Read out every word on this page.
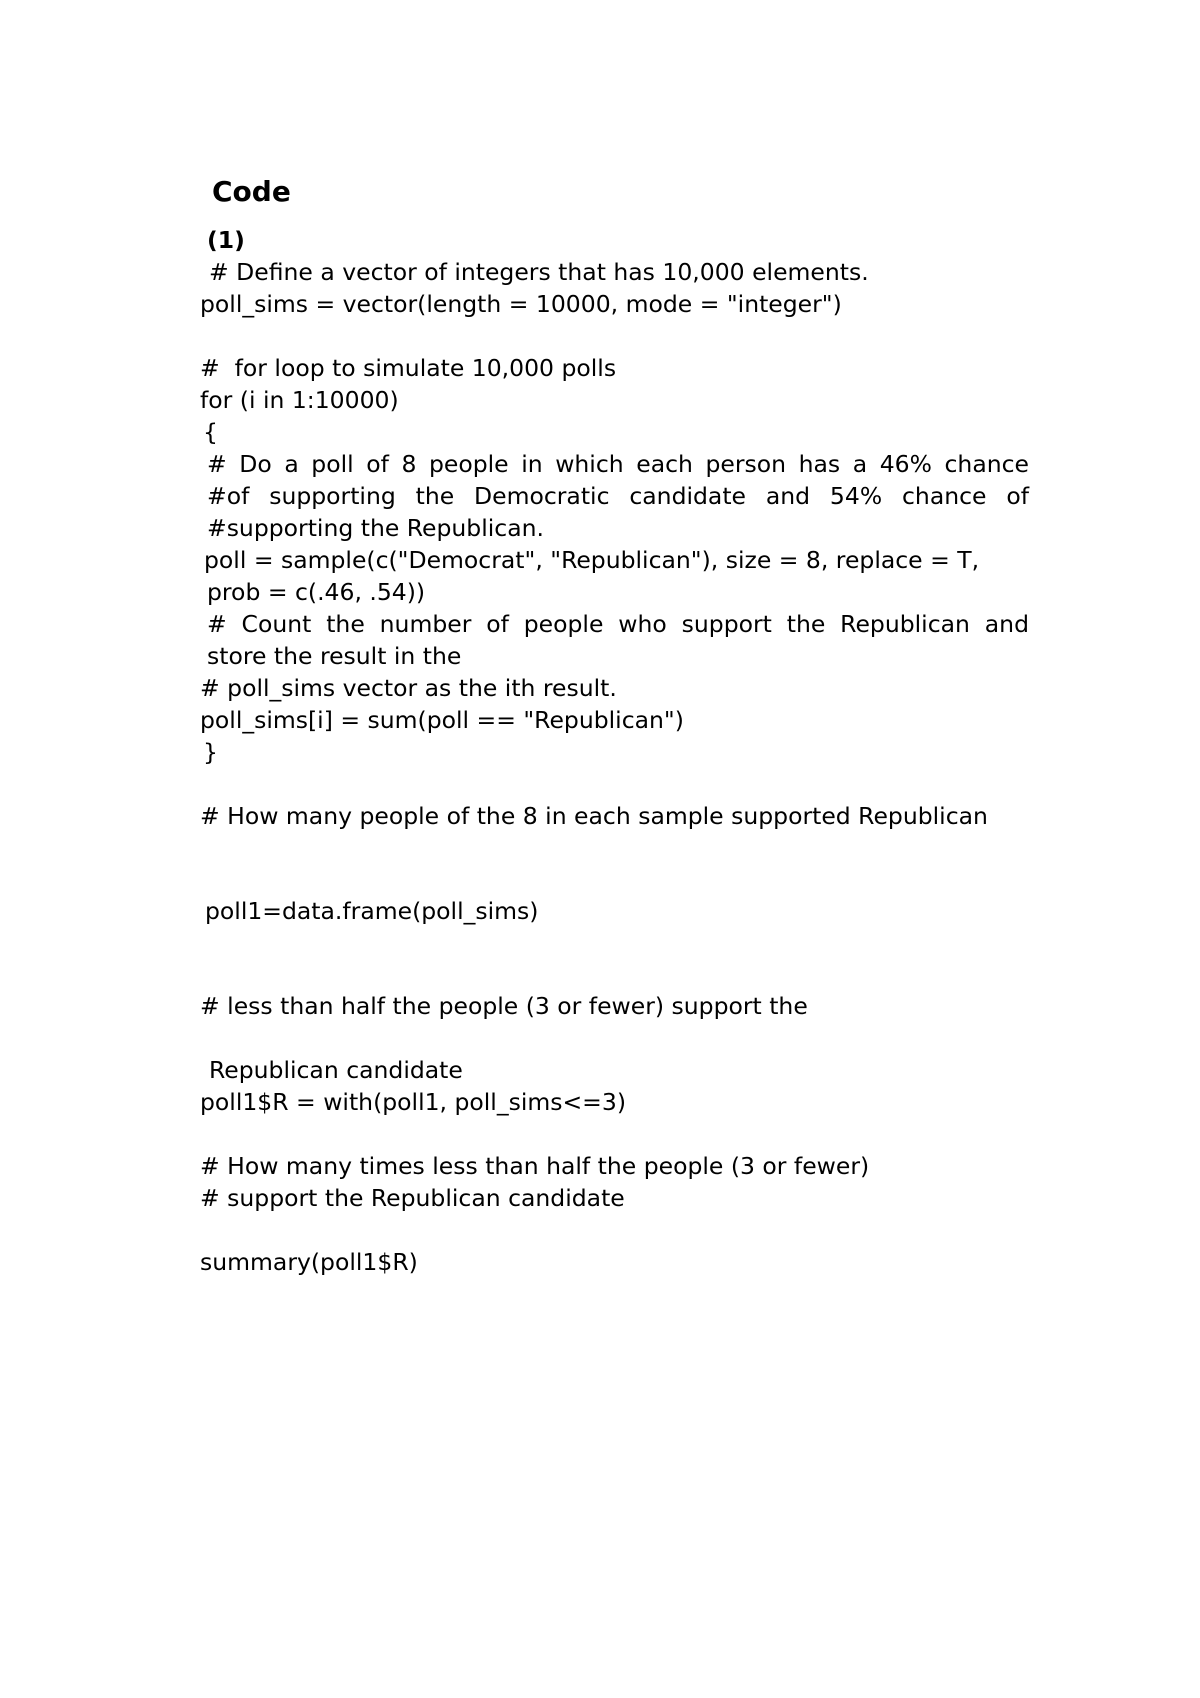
Code
(1)
# Define a vector of integers that has 10,000 elements.
poll_sims = vector(length = 10000, mode = "integer")
#  for loop to simulate 10,000 polls
for (i in 1:10000)
{
# Do a poll of 8 people in which each person has a 46% chance
#of supporting the Democratic candidate and 54% chance of
#supporting the Republican.
poll = sample(c("Democrat", "Republican"), size = 8, replace = T,
prob = c(.46, .54))
# Count the number of people who support the Republican and
store the result in the
# poll_sims vector as the ith result.
poll_sims[i] = sum(poll == "Republican")
}
# How many people of the 8 in each sample supported Republican
poll1=data.frame(poll_sims)
# less than half the people (3 or fewer) support the
Republican candidate
poll1$R = with(poll1, poll_sims<=3)
# How many times less than half the people (3 or fewer)
# support the Republican candidate
summary(poll1$R)
